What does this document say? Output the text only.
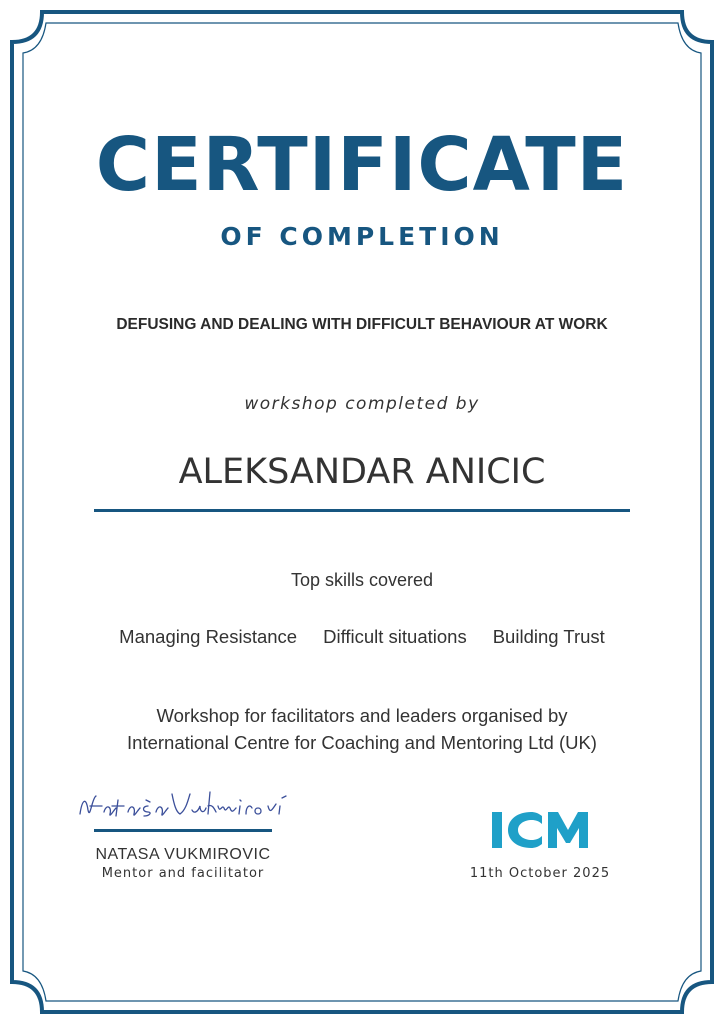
CERTIFICATE
OF COMPLETION
DEFUSING AND DEALING WITH DIFFICULT BEHAVIOUR AT WORK
workshop completed by
ALEKSANDAR ANICIC
Top skills covered
Managing Resistance Difficult situations Building Trust
Workshop for facilitators and leaders organised by
International Centre for Coaching and Mentoring Ltd (UK)
NATASA VUKMIROVIC
Mentor and facilitator	11th October 2025
